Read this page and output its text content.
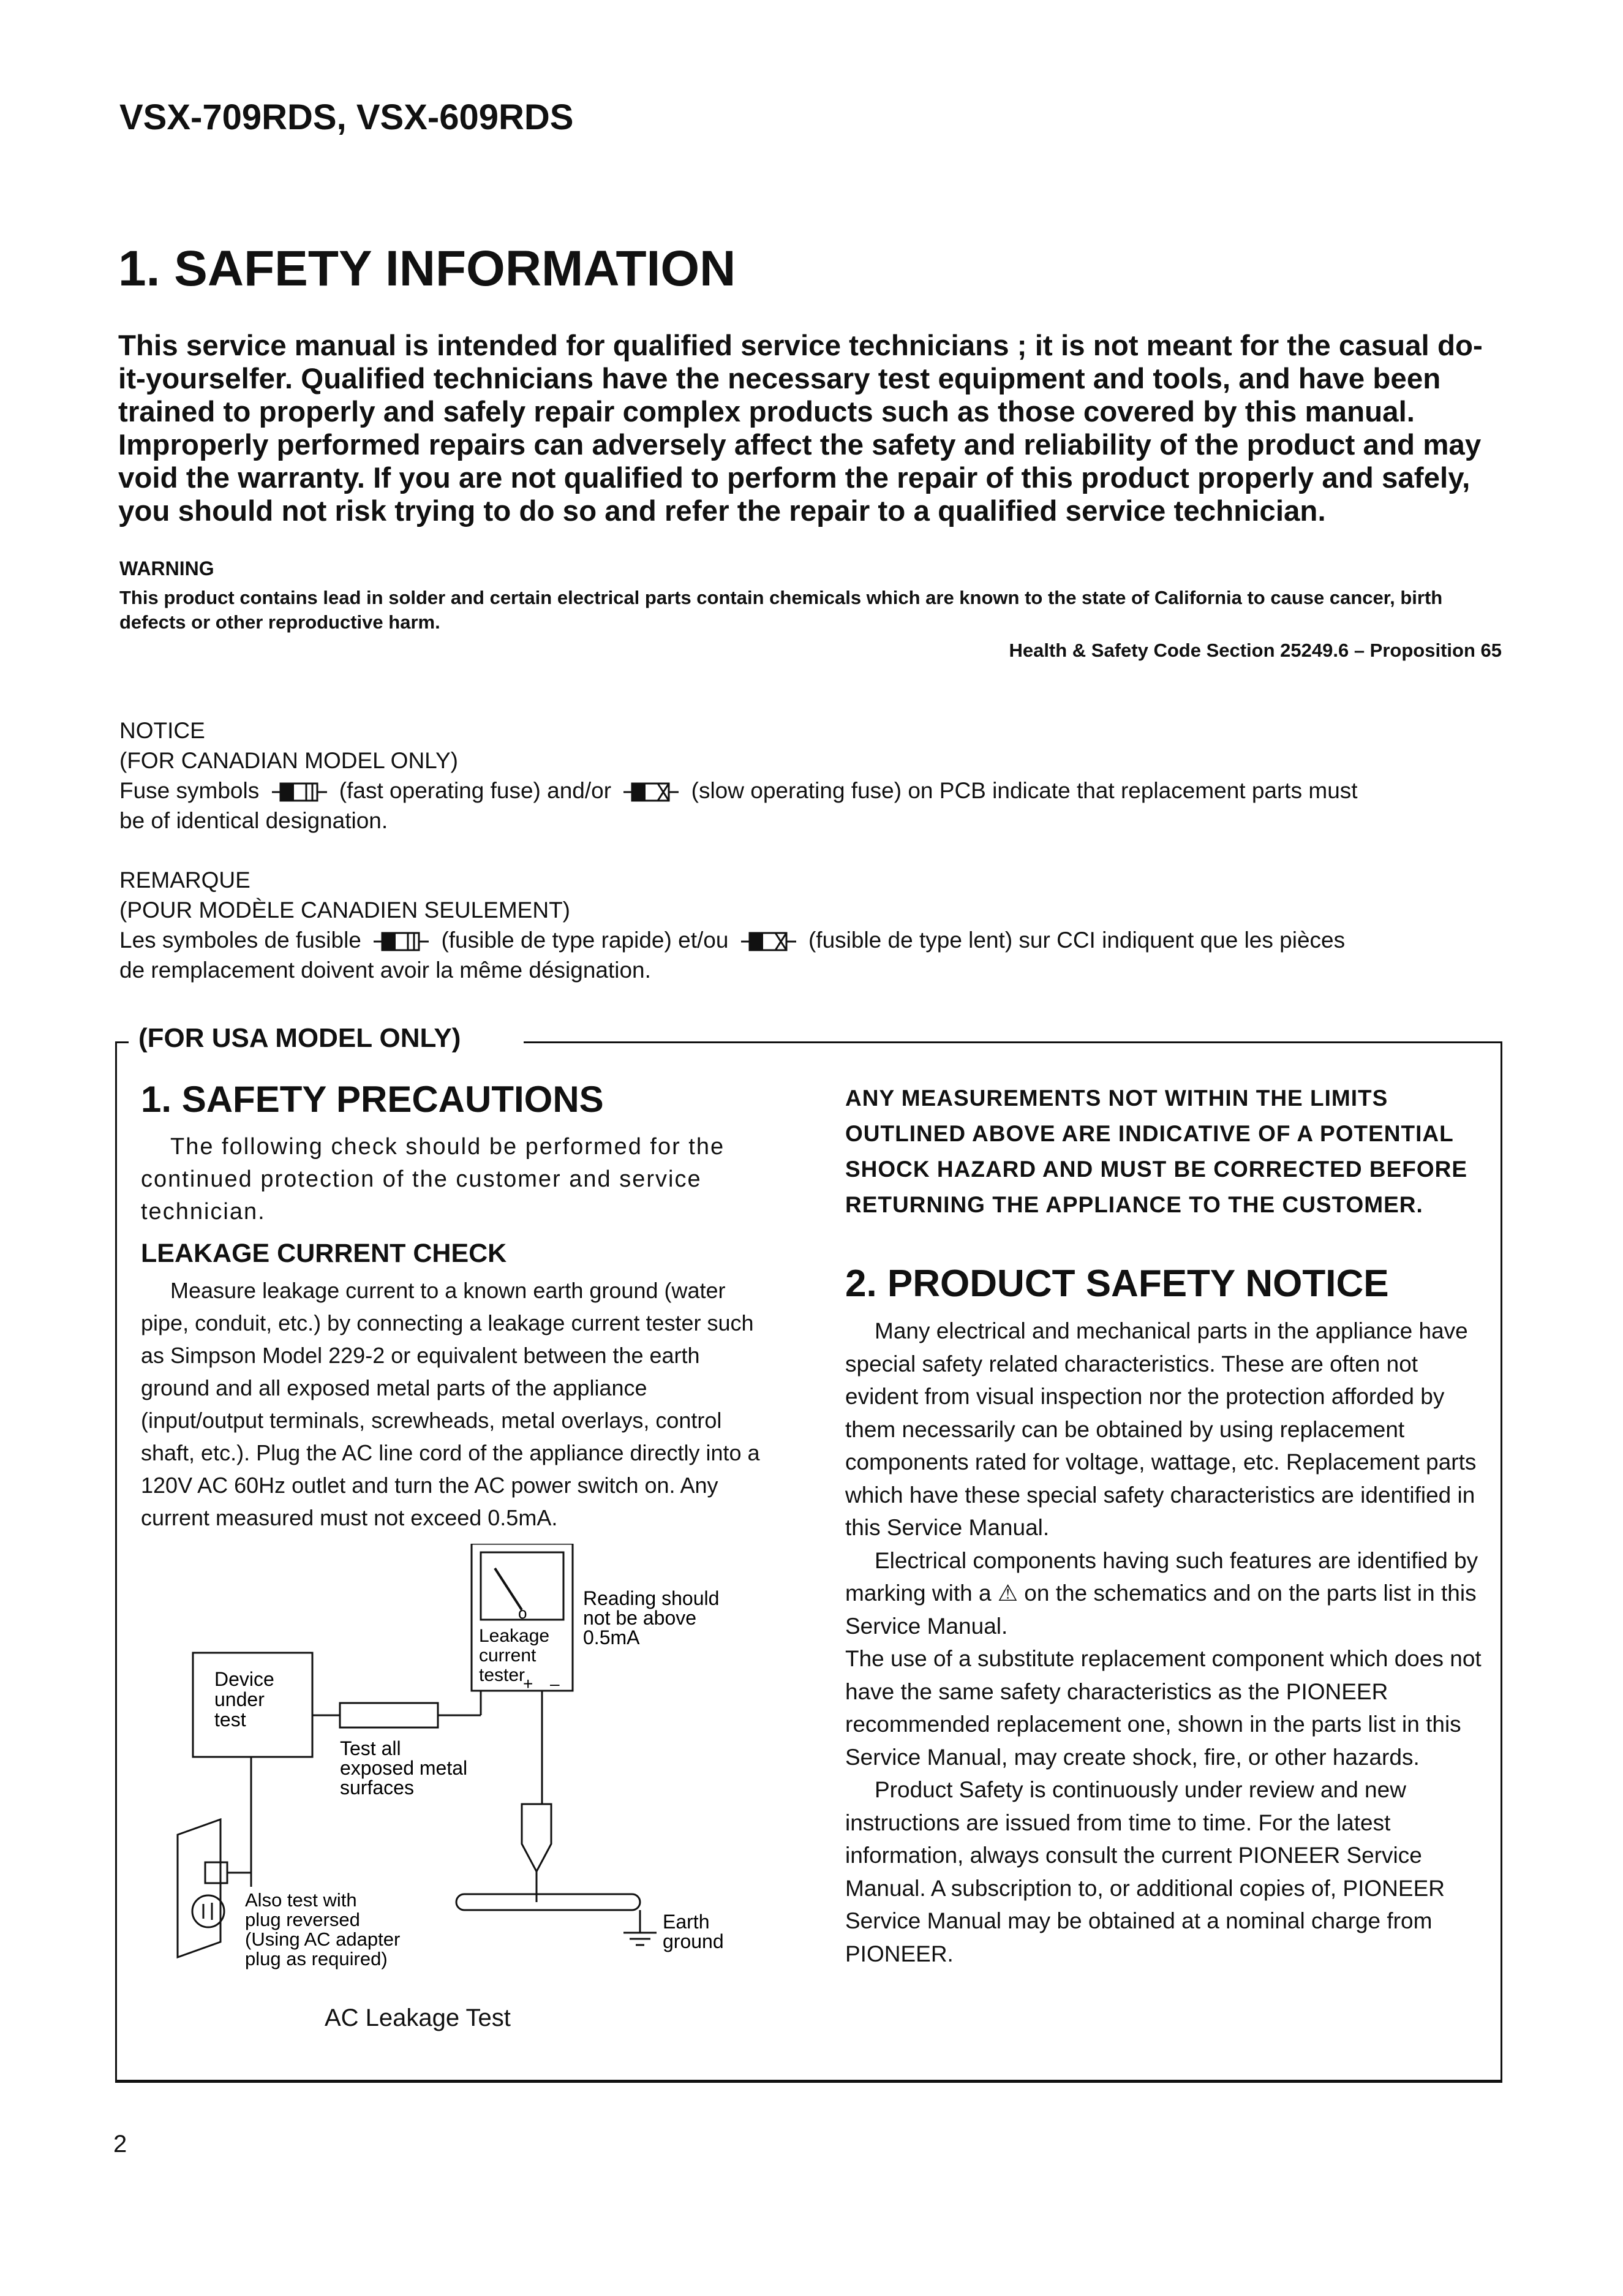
VSX-709RDS, VSX-609RDS
1. SAFETY INFORMATION

This service manual is intended for qualified service technicians ; it is not meant for the casual do-it-yourselfer. Qualified technicians have the necessary test equipment and tools, and have been trained to properly and safely repair complex products such as those covered by this manual.

Improperly performed repairs can adversely affect the safety and reliability of the product and may void the warranty. If you are not qualified to perform the repair of this product properly and safely, you should not risk trying to do so and refer the repair to a qualified service technician.

WARNING
This product contains lead in solder and certain electrical parts contain chemicals which are known to the state of California to cause cancer, birth defects or other reproductive harm.
Health & Safety Code Section 25249.6 – Proposition 65
NOTICE
(FOR CANADIAN MODEL ONLY)
Fuse symbols	(fast operating fuse) and/or	(slow operating fuse) on PCB indicate that replacement parts must
be of identical designation.
REMARQUE
(POUR MODÈLE CANADIEN SEULEMENT)
Les symboles de fusible	(fusible de type rapide) et/ou	(fusible de type lent) sur CCI indiquent que les pièces
de remplacement doivent avoir la même désignation.
(FOR USA MODEL ONLY)
1. SAFETY PRECAUTIONS

The following check should be performed for the continued protection of the customer and service technician.

LEAKAGE CURRENT CHECK

Measure leakage current to a known earth ground (water pipe, conduit, etc.) by connecting a leakage current tester such as Simpson Model 229-2 or equivalent between the earth ground and all exposed metal parts of the appliance (input/output terminals, screwheads, metal overlays, control shaft, etc.). Plug the AC line cord of the appliance directly into a 120V AC 60Hz outlet and turn the AC power switch on. Any current measured must not exceed 0.5mA.

Device
under
test
o
Leakage
current
tester
+ –
Reading should
not be above
0.5mA
Earth
ground
Test all
exposed metal
surfaces
Also test with
plug reversed
(Using AC adapter
plug as required)
AC Leakage Test
ANY MEASUREMENTS NOT WITHIN THE LIMITS
OUTLINED ABOVE ARE INDICATIVE OF A POTENTIAL
SHOCK HAZARD AND MUST BE CORRECTED BEFORE
RETURNING THE APPLIANCE TO THE CUSTOMER.
2. PRODUCT SAFETY NOTICE

Many electrical and mechanical parts in the appliance have special safety related characteristics. These are often not evident from visual inspection nor the protection afforded by them necessarily can be obtained by using replacement components rated for voltage, wattage, etc. Replacement parts which have these special safety characteristics are identified in this Service Manual.

Electrical components having such features are identified by marking with a ⚠ on the schematics and on the parts list in this Service Manual.

The use of a substitute replacement component which does not have the same safety characteristics as the PIONEER recommended replacement one, shown in the parts list in this Service Manual, may create shock, fire, or other hazards.

Product Safety is continuously under review and new instructions are issued from time to time. For the latest information, always consult the current PIONEER Service Manual. A subscription to, or additional copies of, PIONEER Service Manual may be obtained at a nominal charge from PIONEER.

2
